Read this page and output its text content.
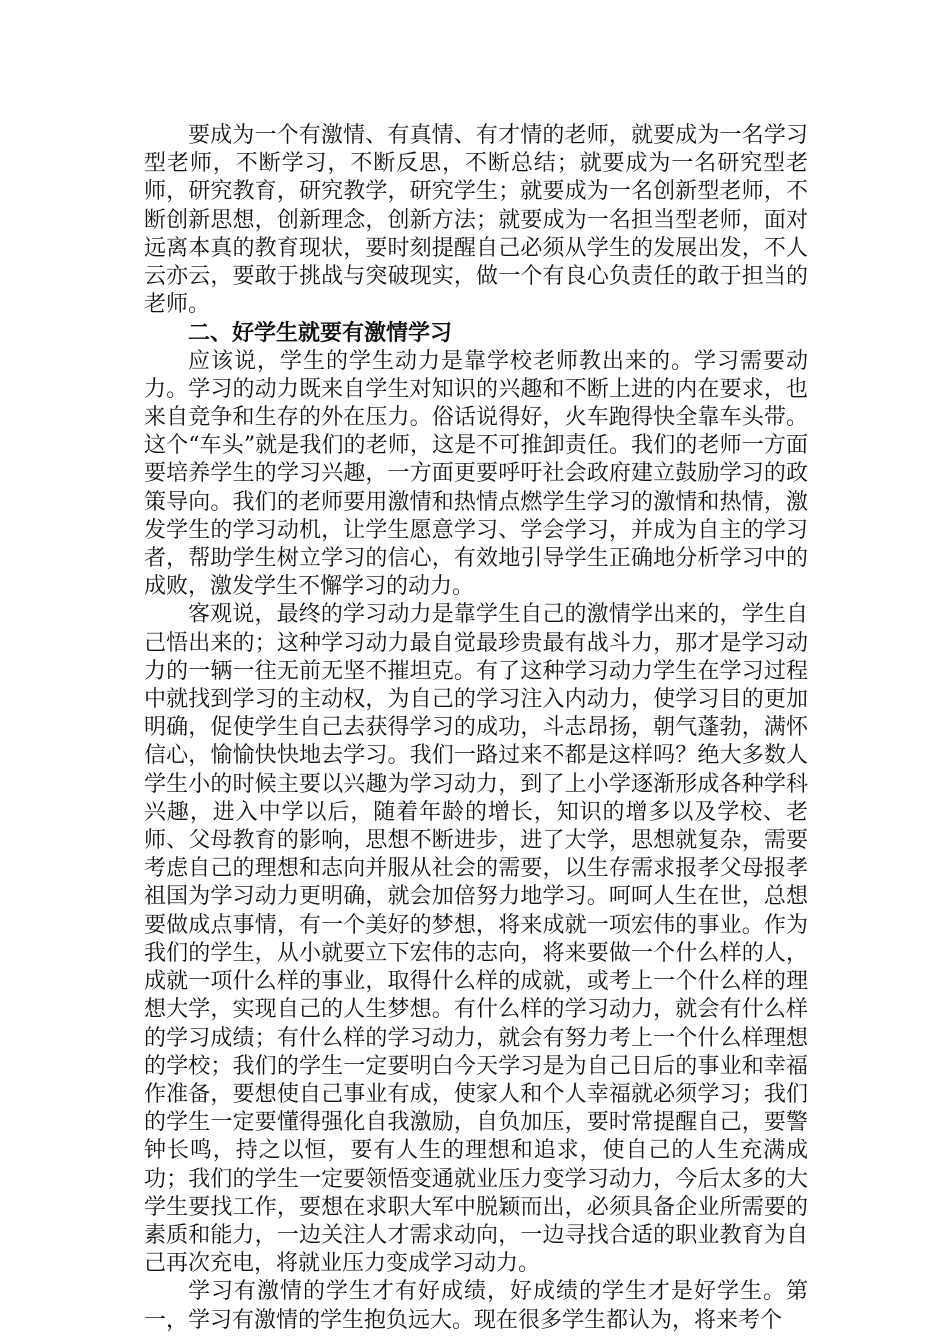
要成为一个有激情、有真情、有才情的老师，就要成为一名学习型老师，不断学习，不断反思，不断总结；就要成为一名研究型老师，研究教育，研究教学，研究学生；就要成为一名创新型老师，不断创新思想，创新理念，创新方法；就要成为一名担当型老师，面对远离本真的教育现状，要时刻提醒自己必须从学生的发展出发，不人云亦云，要敢于挑战与突破现实，做一个有良心负责任的敢于担当的老师。

二、好学生就要有激情学习

应该说，学生的学生动力是靠学校老师教出来的。学习需要动力。学习的动力既来自学生对知识的兴趣和不断上进的内在要求，也来自竞争和生存的外在压力。俗话说得好，火车跑得快全靠车头带。这个“车头”就是我们的老师，这是不可推卸责任。我们的老师一方面要培养学生的学习兴趣，一方面更要呼吁社会政府建立鼓励学习的政策导向。我们的老师要用激情和热情点燃学生学习的激情和热情，激发学生的学习动机，让学生愿意学习、学会学习，并成为自主的学习者，帮助学生树立学习的信心，有效地引导学生正确地分析学习中的成败，激发学生不懈学习的动力。

客观说，最终的学习动力是靠学生自己的激情学出来的，学生自己悟出来的；这种学习动力最自觉最珍贵最有战斗力，那才是学习动力的一辆一往无前无坚不摧坦克。有了这种学习动力学生在学习过程中就找到学习的主动权，为自己的学习注入内动力，使学习目的更加明确，促使学生自己去获得学习的成功，斗志昂扬，朝气蓬勃，满怀信心，愉愉快快地去学习。我们一路过来不都是这样吗？绝大多数人学生小的时候主要以兴趣为学习动力，到了上小学逐渐形成各种学科兴趣，进入中学以后，随着年龄的增长，知识的增多以及学校、老师、父母教育的影响，思想不断进步，进了大学，思想就复杂，需要考虑自己的理想和志向并服从社会的需要，以生存需求报孝父母报孝祖国为学习动力更明确，就会加倍努力地学习。呵呵人生在世，总想要做成点事情，有一个美好的梦想，将来成就一项宏伟的事业。作为我们的学生，从小就要立下宏伟的志向，将来要做一个什么样的人，成就一项什么样的事业，取得什么样的成就，或考上一个什么样的理想大学，实现自己的人生梦想。有什么样的学习动力，就会有什么样的学习成绩；有什么样的学习动力，就会有努力考上一个什么样理想的学校；我们的学生一定要明白今天学习是为自己日后的事业和幸福作准备，要想使自己事业有成，使家人和个人幸福就必须学习；我们的学生一定要懂得强化自我激励，自负加压，要时常提醒自己，要警钟长鸣，持之以恒，要有人生的理想和追求，使自己的人生充满成功；我们的学生一定要领悟变通就业压力变学习动力，今后太多的大学生要找工作，要想在求职大军中脱颖而出，必须具备企业所需要的素质和能力，一边关注人才需求动向，一边寻找合适的职业教育为自己再次充电，将就业压力变成学习动力。

学习有激情的学生才有好成绩，好成绩的学生才是好学生。第一，学习有激情的学生抱负远大。现在很多学生都认为，将来考个
